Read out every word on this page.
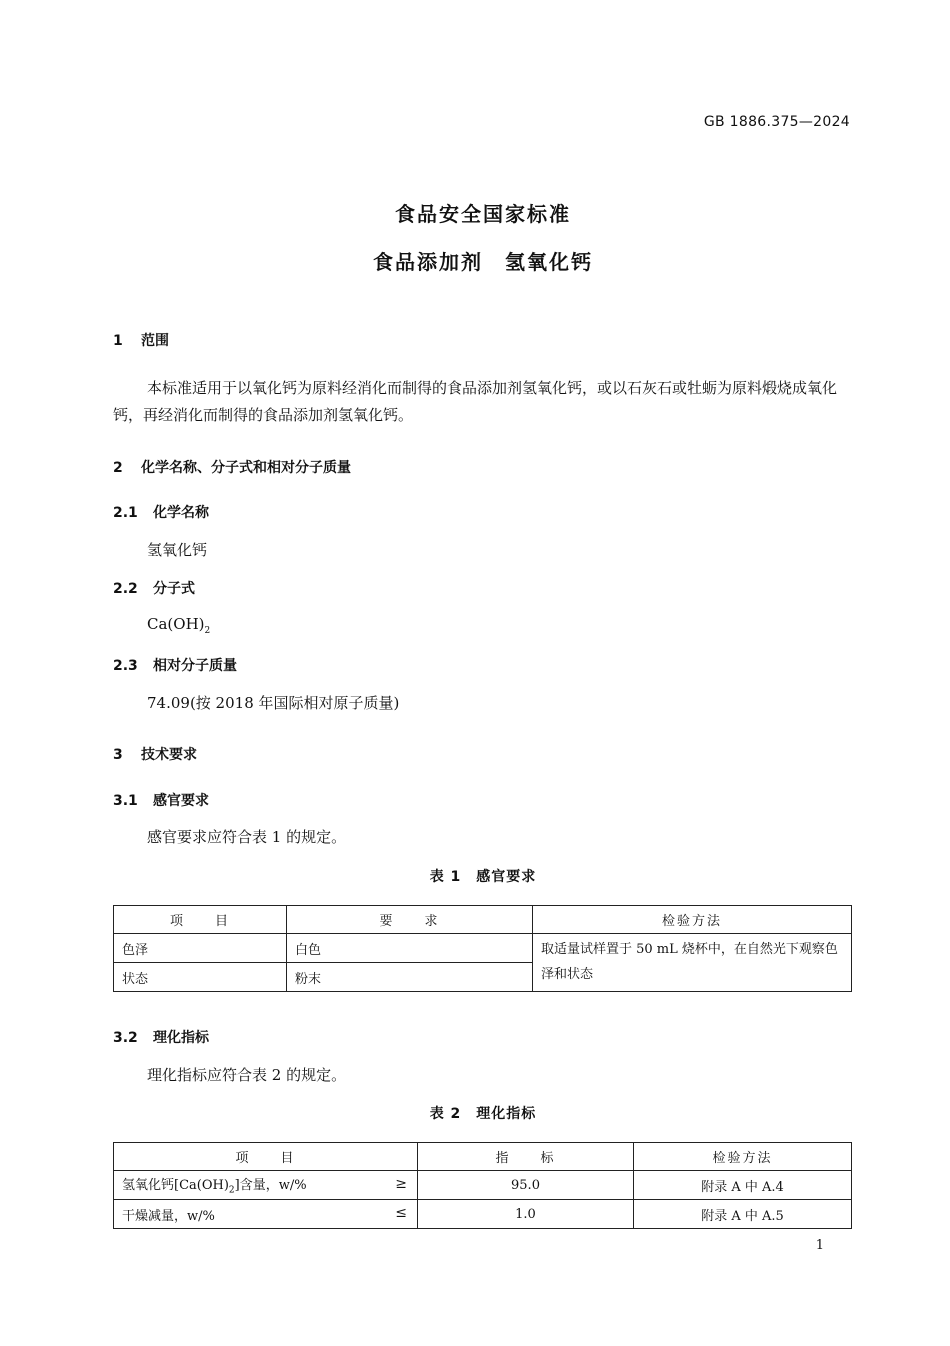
GB 1886.375—2024
食品安全国家标准
食品添加剂　氢氧化钙
1 范围
本标准适用于以氧化钙为原料经消化而制得的食品添加剂氢氧化钙，或以石灰石或牡蛎为原料煅烧成氧化钙，再经消化而制得的食品添加剂氢氧化钙。
2 化学名称、分子式和相对分子质量
2.1 化学名称
氢氧化钙
2.2 分子式
$Ca(OH)_2$
2.3 相对分子质量
74.09(按 2018 年国际相对原子质量)
3 技术要求
3.1 感官要求
感官要求应符合表 1 的规定。
表 1　感官要求
项　　目	要　　求	检验方法
色泽	白色	取适量试样置于 50 mL 烧杯中，在自然光下观察色泽和状态
状态	粉末	
3.2 理化指标
理化指标应符合表 2 的规定。
表 2　理化指标
项　　目	指　　标	检验方法
氢氧化钙$[Ca(OH)_2]$含量，w/% ≥	95.0	附录 A 中 A.4
干燥减量，w/% ≤	1.0	附录 A 中 A.5
1
